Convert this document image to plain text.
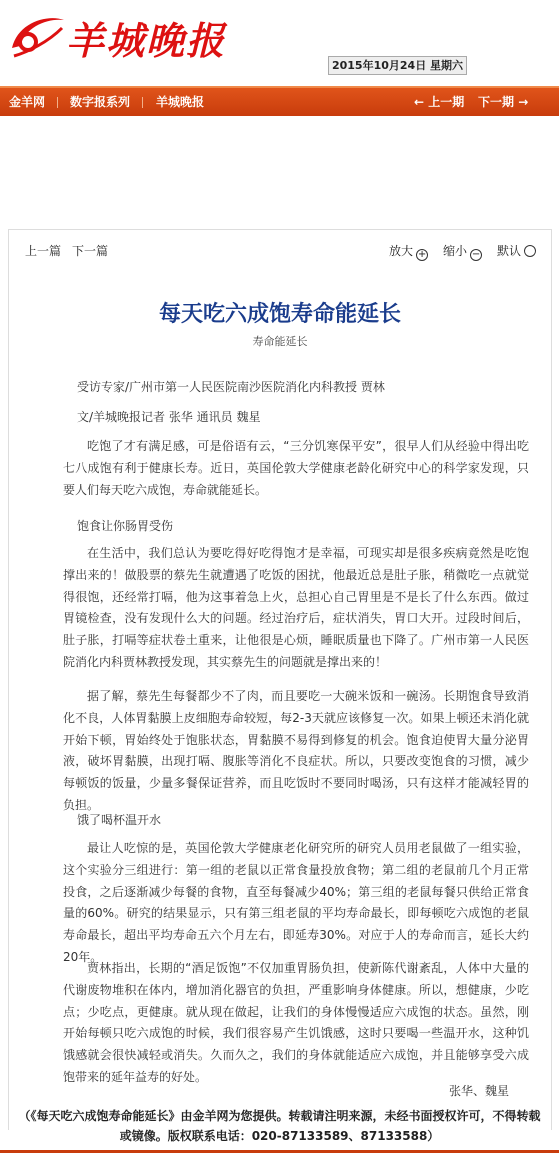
羊城晚报
2015年10月24日 星期六
金羊网 数字报系列 羊城晚报	← 上一期 下一期 →
上一篇 下一篇	放大 + 缩小 − 默认
每天吃六成饱寿命能延长
寿命能延长
受访专家/广州市第一人民医院南沙医院消化内科教授 贾林
文/羊城晚报记者 张华 通讯员 魏星
吃饱了才有满足感，可是俗语有云，“三分饥寒保平安”，很早人们从经验中得出吃七八成饱有利于健康长寿。近日，英国伦敦大学健康老龄化研究中心的科学家发现，只要人们每天吃六成饱，寿命就能延长。
饱食让你肠胃受伤
在生活中，我们总认为要吃得好吃得饱才是幸福，可现实却是很多疾病竟然是吃饱撑出来的！做股票的蔡先生就遭遇了吃饭的困扰，他最近总是肚子胀，稍微吃一点就觉得很饱，还经常打嗝，他为这事着急上火，总担心自己胃里是不是长了什么东西。做过胃镜检查，没有发现什么大的问题。经过治疗后，症状消失，胃口大开。过段时间后，肚子胀，打嗝等症状卷土重来，让他很是心烦，睡眠质量也下降了。广州市第一人民医院消化内科贾林教授发现，其实蔡先生的问题就是撑出来的！
据了解，蔡先生每餐都少不了肉，而且要吃一大碗米饭和一碗汤。长期饱食导致消化不良，人体胃黏膜上皮细胞寿命较短，每2-3天就应该修复一次。如果上顿还未消化就开始下顿，胃始终处于饱胀状态，胃黏膜不易得到修复的机会。饱食迫使胃大量分泌胃液，破坏胃黏膜，出现打嗝、腹胀等消化不良症状。所以，只要改变饱食的习惯，减少每顿饭的饭量，少量多餐保证营养，而且吃饭时不要同时喝汤，只有这样才能减轻胃的负担。
饿了喝杯温开水
最让人吃惊的是，英国伦敦大学健康老化研究所的研究人员用老鼠做了一组实验，这个实验分三组进行：第一组的老鼠以正常食量投放食物；第二组的老鼠前几个月正常投食，之后逐渐减少每餐的食物，直至每餐减少40%；第三组的老鼠每餐只供给正常食量的60%。研究的结果显示，只有第三组老鼠的平均寿命最长，即每顿吃六成饱的老鼠寿命最长，超出平均寿命五六个月左右，即延寿30%。对应于人的寿命而言，延长大约20年。
贾林指出，长期的“酒足饭饱”不仅加重胃肠负担，使新陈代谢紊乱，人体中大量的代谢废物堆积在体内，增加消化器官的负担，严重影响身体健康。所以，想健康，少吃点；少吃点，更健康。就从现在做起，让我们的身体慢慢适应六成饱的状态。虽然，刚开始每顿只吃六成饱的时候，我们很容易产生饥饿感，这时只要喝一些温开水，这种饥饿感就会很快减轻或消失。久而久之，我们的身体就能适应六成饱，并且能够享受六成饱带来的延年益寿的好处。
张华、魏星
（《每天吃六成饱寿命能延长》由金羊网为您提供。转载请注明来源，未经书面授权许可，不得转载
或镜像。版权联系电话：020-87133589、87133588）
